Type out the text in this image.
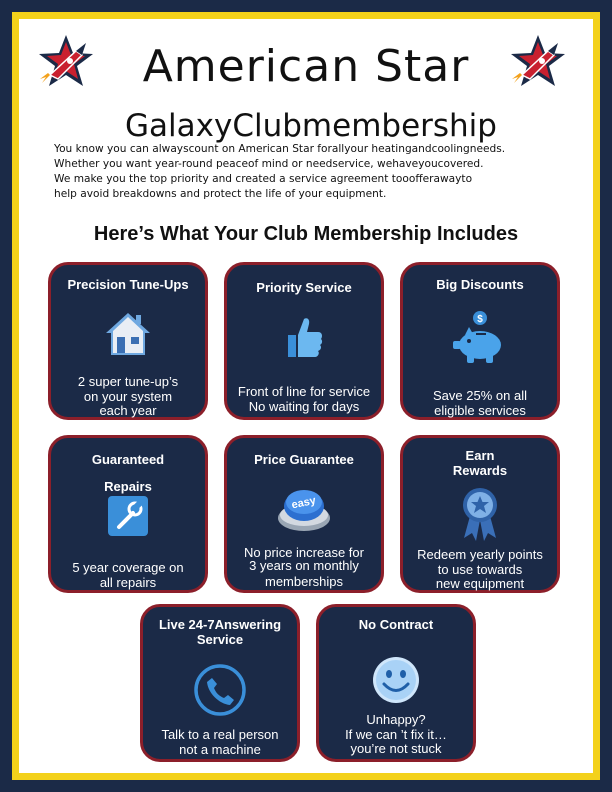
American Star
GalaxyClubmembership
You know you can alwayscount on American Star forallyour heatingandcoolingneeds.
Whether you want year-round peaceof mind or needservice, wehaveyoucovered.
We make you the top priority and created a service agreement tooofferawayto
help avoid breakdowns and protect the life of your equipment.
Here’s What Your Club Membership Includes
Precision Tune-Ups
2 super tune-up’s
on your system
each year
Priority Service
Front of line for service
No waiting for days
Big Discounts
$
Save 25% on all
eligible services
Guaranteed
Repairs
5 year coverage on
all repairs
Price Guarantee
easy
No price increase for
3 years on monthly
memberships
Earn
Rewards
Redeem yearly points
to use towards
new equipment
Live 24-7Answering
Service
Talk to a real person
not a machine
No Contract
Unhappy?
If we can ’t fix it…
you’re not stuck
